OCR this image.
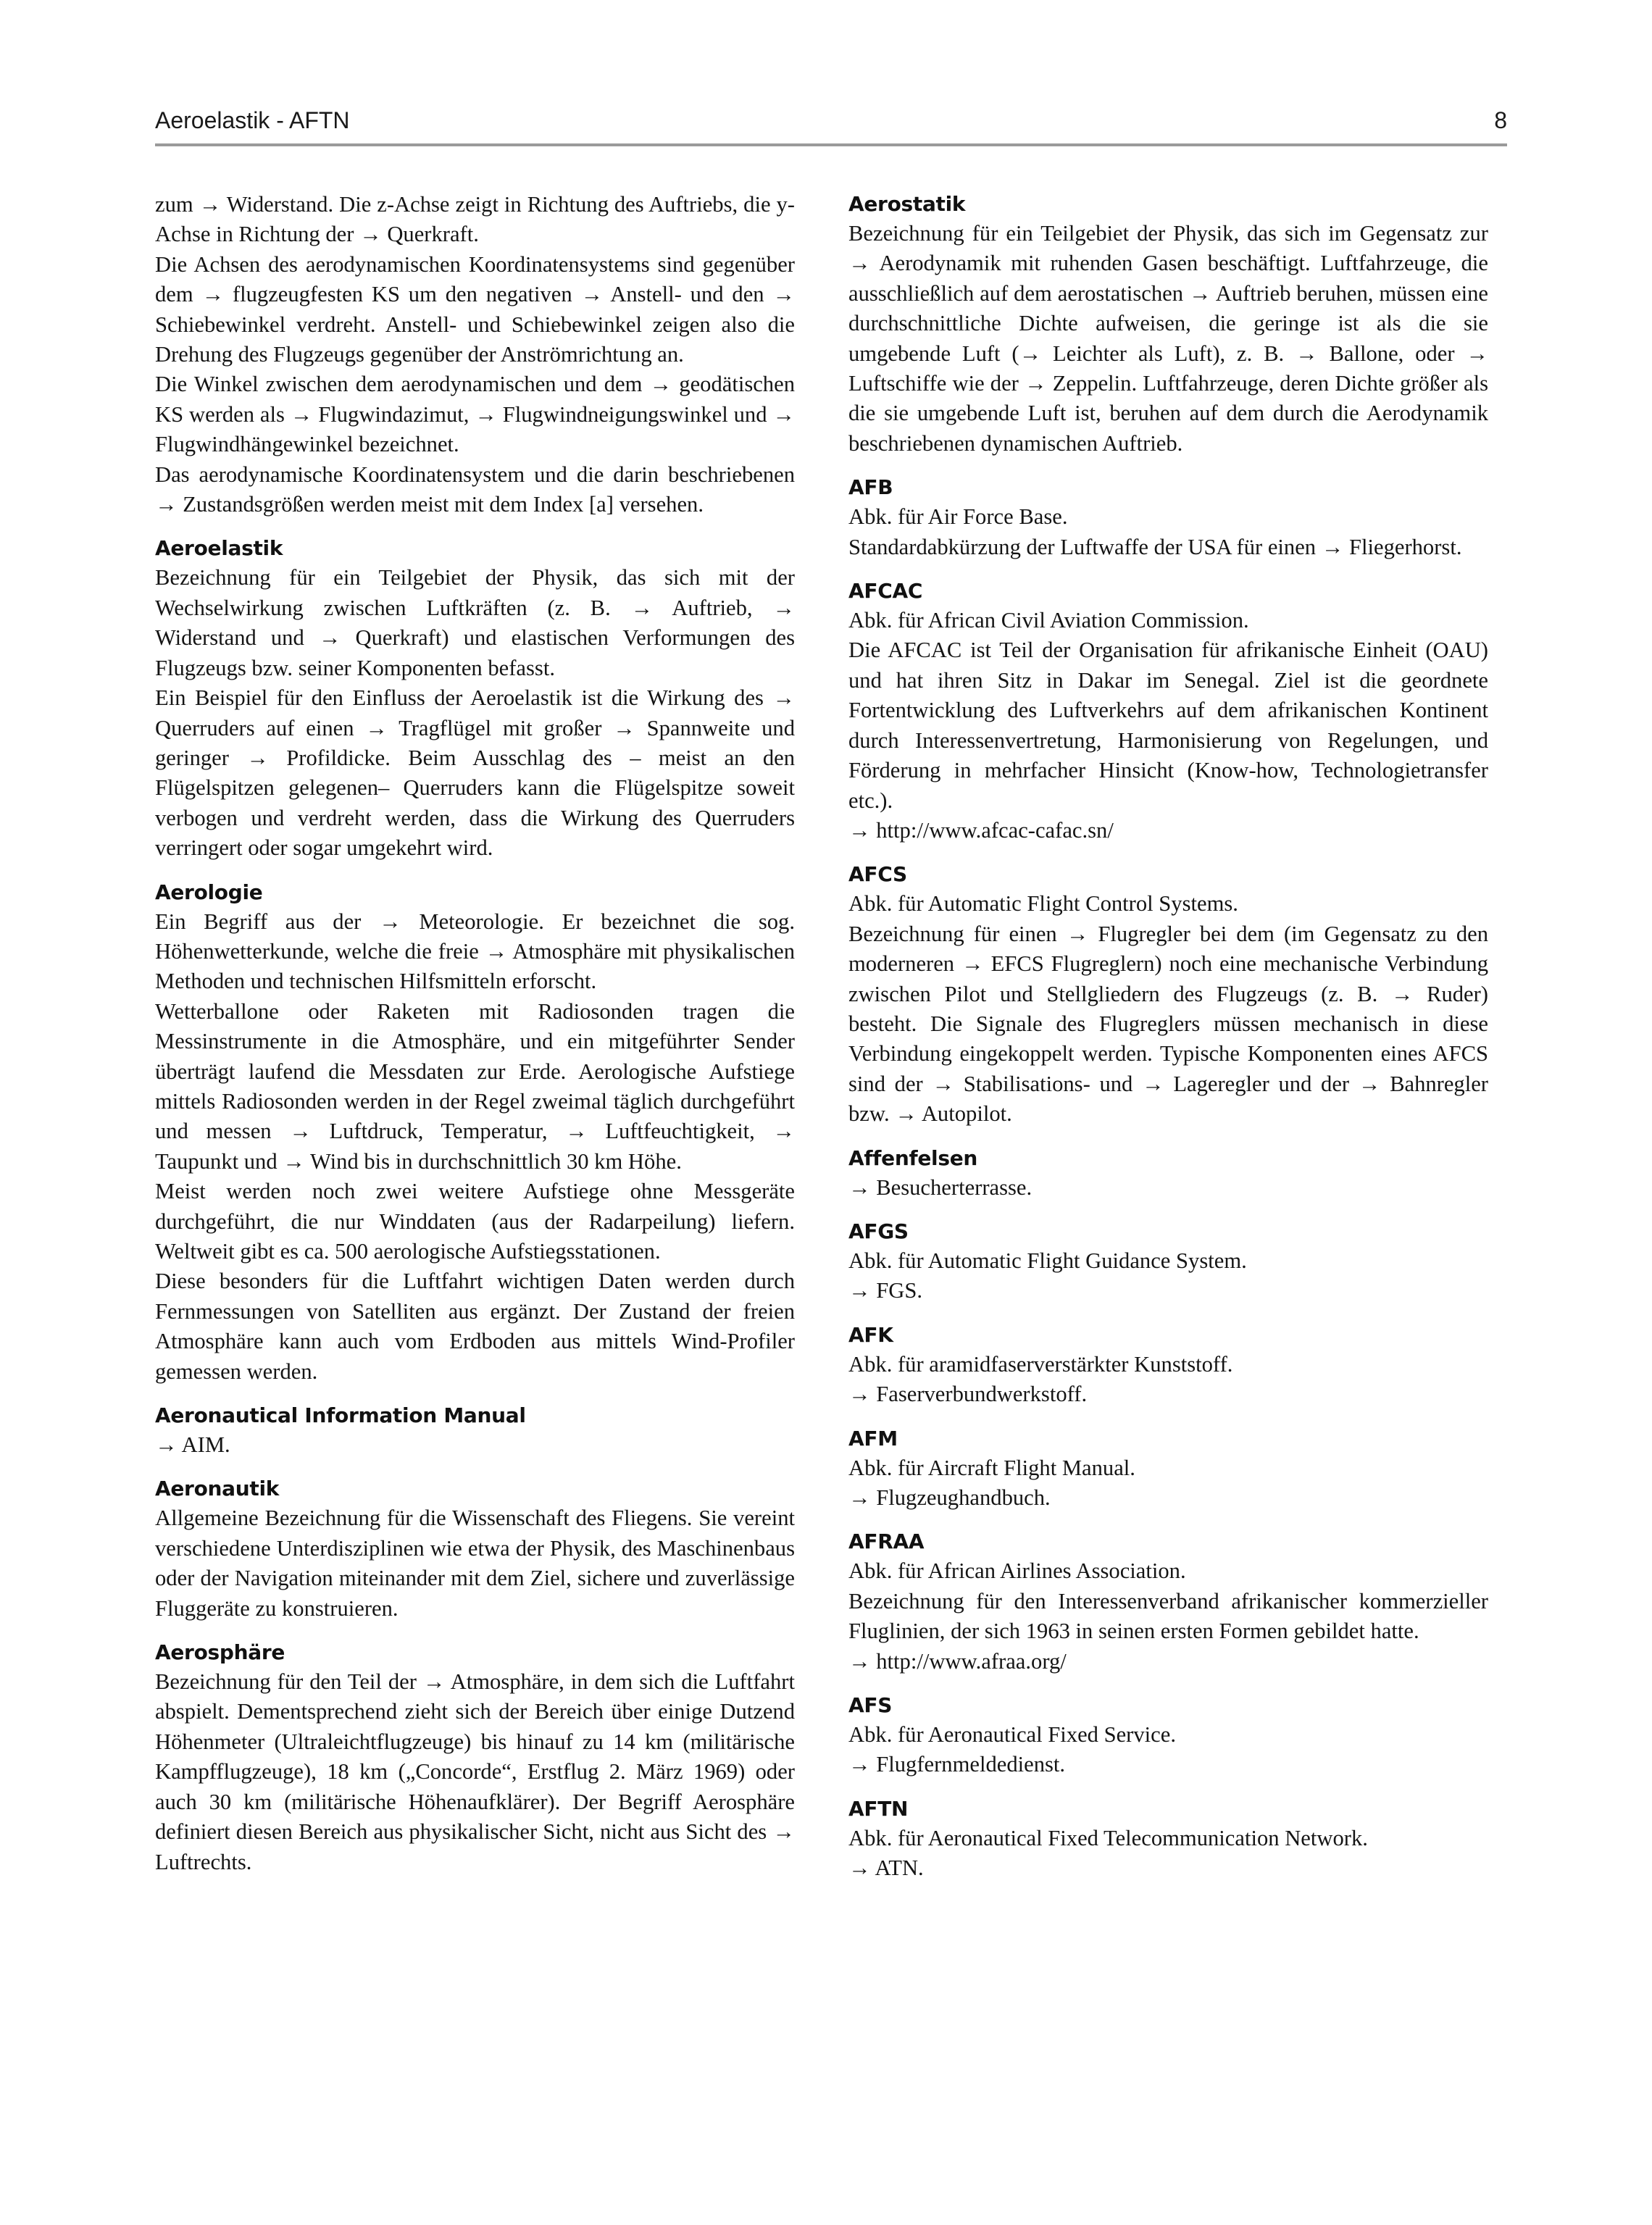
Aeroelastik - AFTN	8

zum → Widerstand. Die z-Achse zeigt in Richtung des Auftriebs, die y-Achse in Richtung der → Querkraft.

Die Achsen des aerodynamischen Koordinatensystems sind gegenüber dem → flugzeugfesten KS um den negativen → Anstell- und den → Schiebewinkel verdreht. Anstell- und Schiebewinkel zeigen also die Drehung des Flugzeugs gegenüber der Anströmrichtung an.

Die Winkel zwischen dem aerodynamischen und dem → geodätischen KS werden als → Flugwindazimut, → Flugwindneigungswinkel und → Flugwindhängewinkel bezeichnet.

Das aerodynamische Koordinatensystem und die darin beschriebenen → Zustandsgrößen werden meist mit dem Index [a] versehen.

Aeroelastik

Bezeichnung für ein Teilgebiet der Physik, das sich mit der Wechselwirkung zwischen Luftkräften (z. B. → Auftrieb, → Widerstand und → Querkraft) und elastischen Verformungen des Flugzeugs bzw. seiner Komponenten befasst.

Ein Beispiel für den Einfluss der Aeroelastik ist die Wirkung des → Querruders auf einen → Tragflügel mit großer → Spannweite und geringer → Profildicke. Beim Ausschlag des – meist an den Flügelspitzen gelegenen– Querruders kann die Flügelspitze soweit verbogen und verdreht werden, dass die Wirkung des Querruders verringert oder sogar umgekehrt wird.

Aerologie

Ein Begriff aus der → Meteorologie. Er bezeichnet die sog. Höhenwetterkunde, welche die freie → Atmosphäre mit physikalischen Methoden und technischen Hilfsmitteln erforscht.

Wetterballone oder Raketen mit Radiosonden tragen die Messinstrumente in die Atmosphäre, und ein mitgeführter Sender überträgt laufend die Messdaten zur Erde. Aerologische Aufstiege mittels Radiosonden werden in der Regel zweimal täglich durchgeführt und messen → Luftdruck, Temperatur, → Luftfeuchtigkeit, → Taupunkt und → Wind bis in durchschnittlich 30 km Höhe.

Meist werden noch zwei weitere Aufstiege ohne Messgeräte durchgeführt, die nur Winddaten (aus der Radarpeilung) liefern. Weltweit gibt es ca. 500 aerologische Aufstiegsstationen.

Diese besonders für die Luftfahrt wichtigen Daten werden durch Fernmessungen von Satelliten aus ergänzt. Der Zustand der freien Atmosphäre kann auch vom Erdboden aus mittels Wind-Profiler gemessen werden.

Aeronautical Information Manual

→ AIM.

Aeronautik

Allgemeine Bezeichnung für die Wissenschaft des Fliegens. Sie vereint verschiedene Unterdisziplinen wie etwa der Physik, des Maschinenbaus oder der Navigation miteinander mit dem Ziel, sichere und zuverlässige Fluggeräte zu konstruieren.

Aerosphäre

Bezeichnung für den Teil der → Atmosphäre, in dem sich die Luftfahrt abspielt. Dementsprechend zieht sich der Bereich über einige Dutzend Höhenmeter (Ultraleichtflugzeuge) bis hinauf zu 14 km (militärische Kampfflugzeuge), 18 km („Concorde“, Erstflug 2. März 1969) oder auch 30 km (militärische Höhenaufklärer). Der Begriff Aerosphäre definiert diesen Bereich aus physikalischer Sicht, nicht aus Sicht des → Luftrechts.

Aerostatik

Bezeichnung für ein Teilgebiet der Physik, das sich im Gegensatz zur → Aerodynamik mit ruhenden Gasen beschäftigt. Luftfahrzeuge, die ausschließlich auf dem aerostatischen → Auftrieb beruhen, müssen eine durchschnittliche Dichte aufweisen, die geringe ist als die sie umgebende Luft (→ Leichter als Luft), z. B. → Ballone, oder → Luftschiffe wie der → Zeppelin. Luftfahrzeuge, deren Dichte größer als die sie umgebende Luft ist, beruhen auf dem durch die Aerodynamik beschriebenen dynamischen Auftrieb.

AFB

Abk. für Air Force Base.

Standardabkürzung der Luftwaffe der USA für einen → Fliegerhorst.

AFCAC

Abk. für African Civil Aviation Commission.

Die AFCAC ist Teil der Organisation für afrikanische Einheit (OAU) und hat ihren Sitz in Dakar im Senegal. Ziel ist die geordnete Fortentwicklung des Luftverkehrs auf dem afrikanischen Kontinent durch Interessenvertretung, Harmonisierung von Regelungen, und Förderung in mehrfacher Hinsicht (Know-how, Technologietransfer etc.).

→ http://www.afcac-cafac.sn/

AFCS

Abk. für Automatic Flight Control Systems.

Bezeichnung für einen → Flugregler bei dem (im Gegensatz zu den moderneren → EFCS Flugreglern) noch eine mechanische Verbindung zwischen Pilot und Stellgliedern des Flugzeugs (z. B. → Ruder) besteht. Die Signale des Flugreglers müssen mechanisch in diese Verbindung eingekoppelt werden. Typische Komponenten eines AFCS sind der → Stabilisations- und → Lageregler und der → Bahnregler bzw. → Autopilot.

Affenfelsen

→ Besucherterrasse.

AFGS

Abk. für Automatic Flight Guidance System.

→ FGS.

AFK

Abk. für aramidfaserverstärkter Kunststoff.

→ Faserverbundwerkstoff.

AFM

Abk. für Aircraft Flight Manual.

→ Flugzeughandbuch.

AFRAA

Abk. für African Airlines Association.

Bezeichnung für den Interessenverband afrikanischer kommerzieller Fluglinien, der sich 1963 in seinen ersten Formen gebildet hatte.

→ http://www.afraa.org/

AFS

Abk. für Aeronautical Fixed Service.

→ Flugfernmeldedienst.

AFTN

Abk. für Aeronautical Fixed Telecommunication Network.

→ ATN.
